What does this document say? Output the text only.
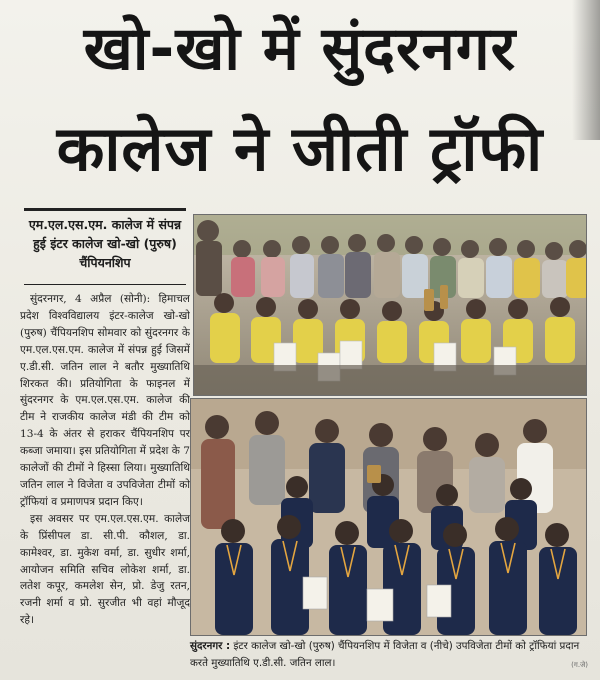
खो-खो में सुंदरनगर
कालेज ने जीती ट्रॉफी
एम.एल.एस.एम. कालेज में संपन्न हुई इंटर कालेज खो-खो (पुरुष) चैंपियनशिप

सुंदरनगर, 4 अप्रैल (सोनी): हिमाचल प्रदेश विश्वविद्यालय इंटर-कालेज खो-खो (पुरुष) चैंपियनशिप सोमवार को सुंदरनगर के एम.एल.एस.एम. कालेज में संपन्न हुई जिसमें ए.डी.सी. जतिन लाल ने बतौर मुख्यातिथि शिरकत की। प्रतियोगिता के फाइनल में सुंदरनगर के एम.एल.एस.एम. कालेज की टीम ने राजकीय कालेज मंडी की टीम को 13-4 के अंतर से हराकर चैंपियनशिप पर कब्जा जमाया। इस प्रतियोगिता में प्रदेश के 7 कालेजों की टीमों ने हिस्सा लिया। मुख्यातिथि जतिन लाल ने विजेता व उपविजेता टीमों को ट्रॉफियां व प्रमाणपत्र प्रदान किए।

इस अवसर पर एम.एल.एस.एम. कालेज के प्रिंसीपल डा. सी.पी. कौशल, डा. कामेश्वर, डा. मुकेश वर्मा, डा. सुधीर शर्मा, आयोजन समिति सचिव लोकेश शर्मा, डा. लतेश कपूर, कमलेश सेन, प्रो. डेजु रतन, रजनी शर्मा व प्रो. सुरजीत भी वहां मौजूद रहे।

सुंदरनगर : इंटर कालेज खो-खो (पुरुष) चैंपियनशिप में विजेता व (नीचे) उपविजेता टीमों को ट्रॉफियां प्रदान करते मुख्यातिथि ए.डी.सी. जतिन लाल।	(ग.जे)
